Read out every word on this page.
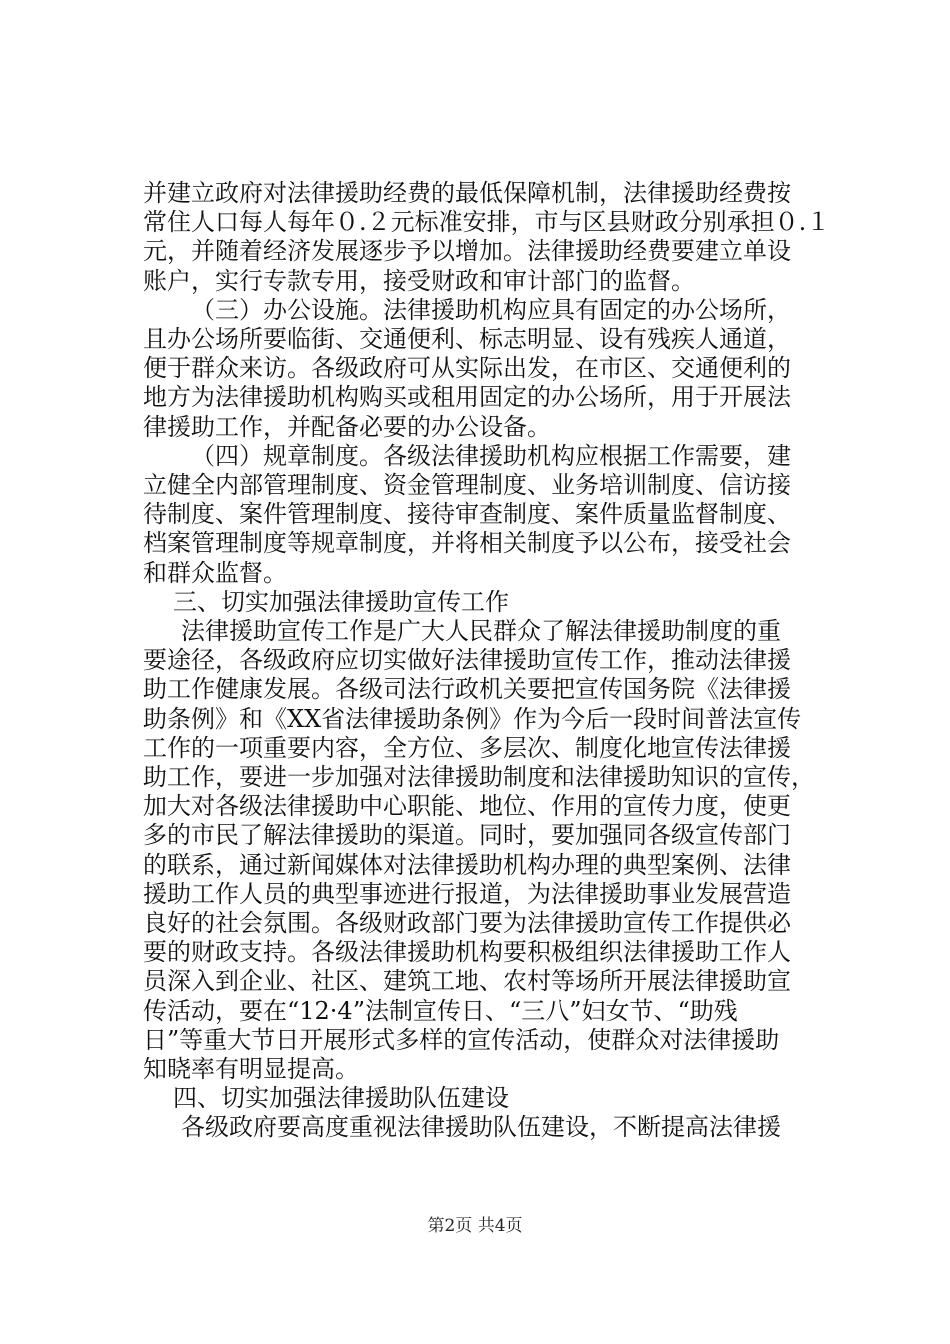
并建立政府对法律援助经费的最低保障机制，法律援助经费按
常住人口每人每年０.２元标准安排，市与区县财政分别承担０.１
元，并随着经济发展逐步予以增加。法律援助经费要建立单设
账户，实行专款专用，接受财政和审计部门的监督。
（三）办公设施。法律援助机构应具有固定的办公场所，
且办公场所要临街、交通便利、标志明显、设有残疾人通道，
便于群众来访。各级政府可从实际出发，在市区、交通便利的
地方为法律援助机构购买或租用固定的办公场所，用于开展法
律援助工作，并配备必要的办公设备。
（四）规章制度。各级法律援助机构应根据工作需要，建
立健全内部管理制度、资金管理制度、业务培训制度、信访接
待制度、案件管理制度、接待审查制度、案件质量监督制度、
档案管理制度等规章制度，并将相关制度予以公布，接受社会
和群众监督。
三、切实加强法律援助宣传工作
法律援助宣传工作是广大人民群众了解法律援助制度的重
要途径，各级政府应切实做好法律援助宣传工作，推动法律援
助工作健康发展。各级司法行政机关要把宣传国务院《法律援
助条例》和《XX省法律援助条例》作为今后一段时间普法宣传
工作的一项重要内容，全方位、多层次、制度化地宣传法律援
助工作，要进一步加强对法律援助制度和法律援助知识的宣传，
加大对各级法律援助中心职能、地位、作用的宣传力度，使更
多的市民了解法律援助的渠道。同时，要加强同各级宣传部门
的联系，通过新闻媒体对法律援助机构办理的典型案例、法律
援助工作人员的典型事迹进行报道，为法律援助事业发展营造
良好的社会氛围。各级财政部门要为法律援助宣传工作提供必
要的财政支持。各级法律援助机构要积极组织法律援助工作人
员深入到企业、社区、建筑工地、农村等场所开展法律援助宣
传活动，要在“12·4”法制宣传日、“三八”妇女节、“助残
日”等重大节日开展形式多样的宣传活动，使群众对法律援助
知晓率有明显提高。
四、切实加强法律援助队伍建设
各级政府要高度重视法律援助队伍建设，不断提高法律援
第2页 共4页
